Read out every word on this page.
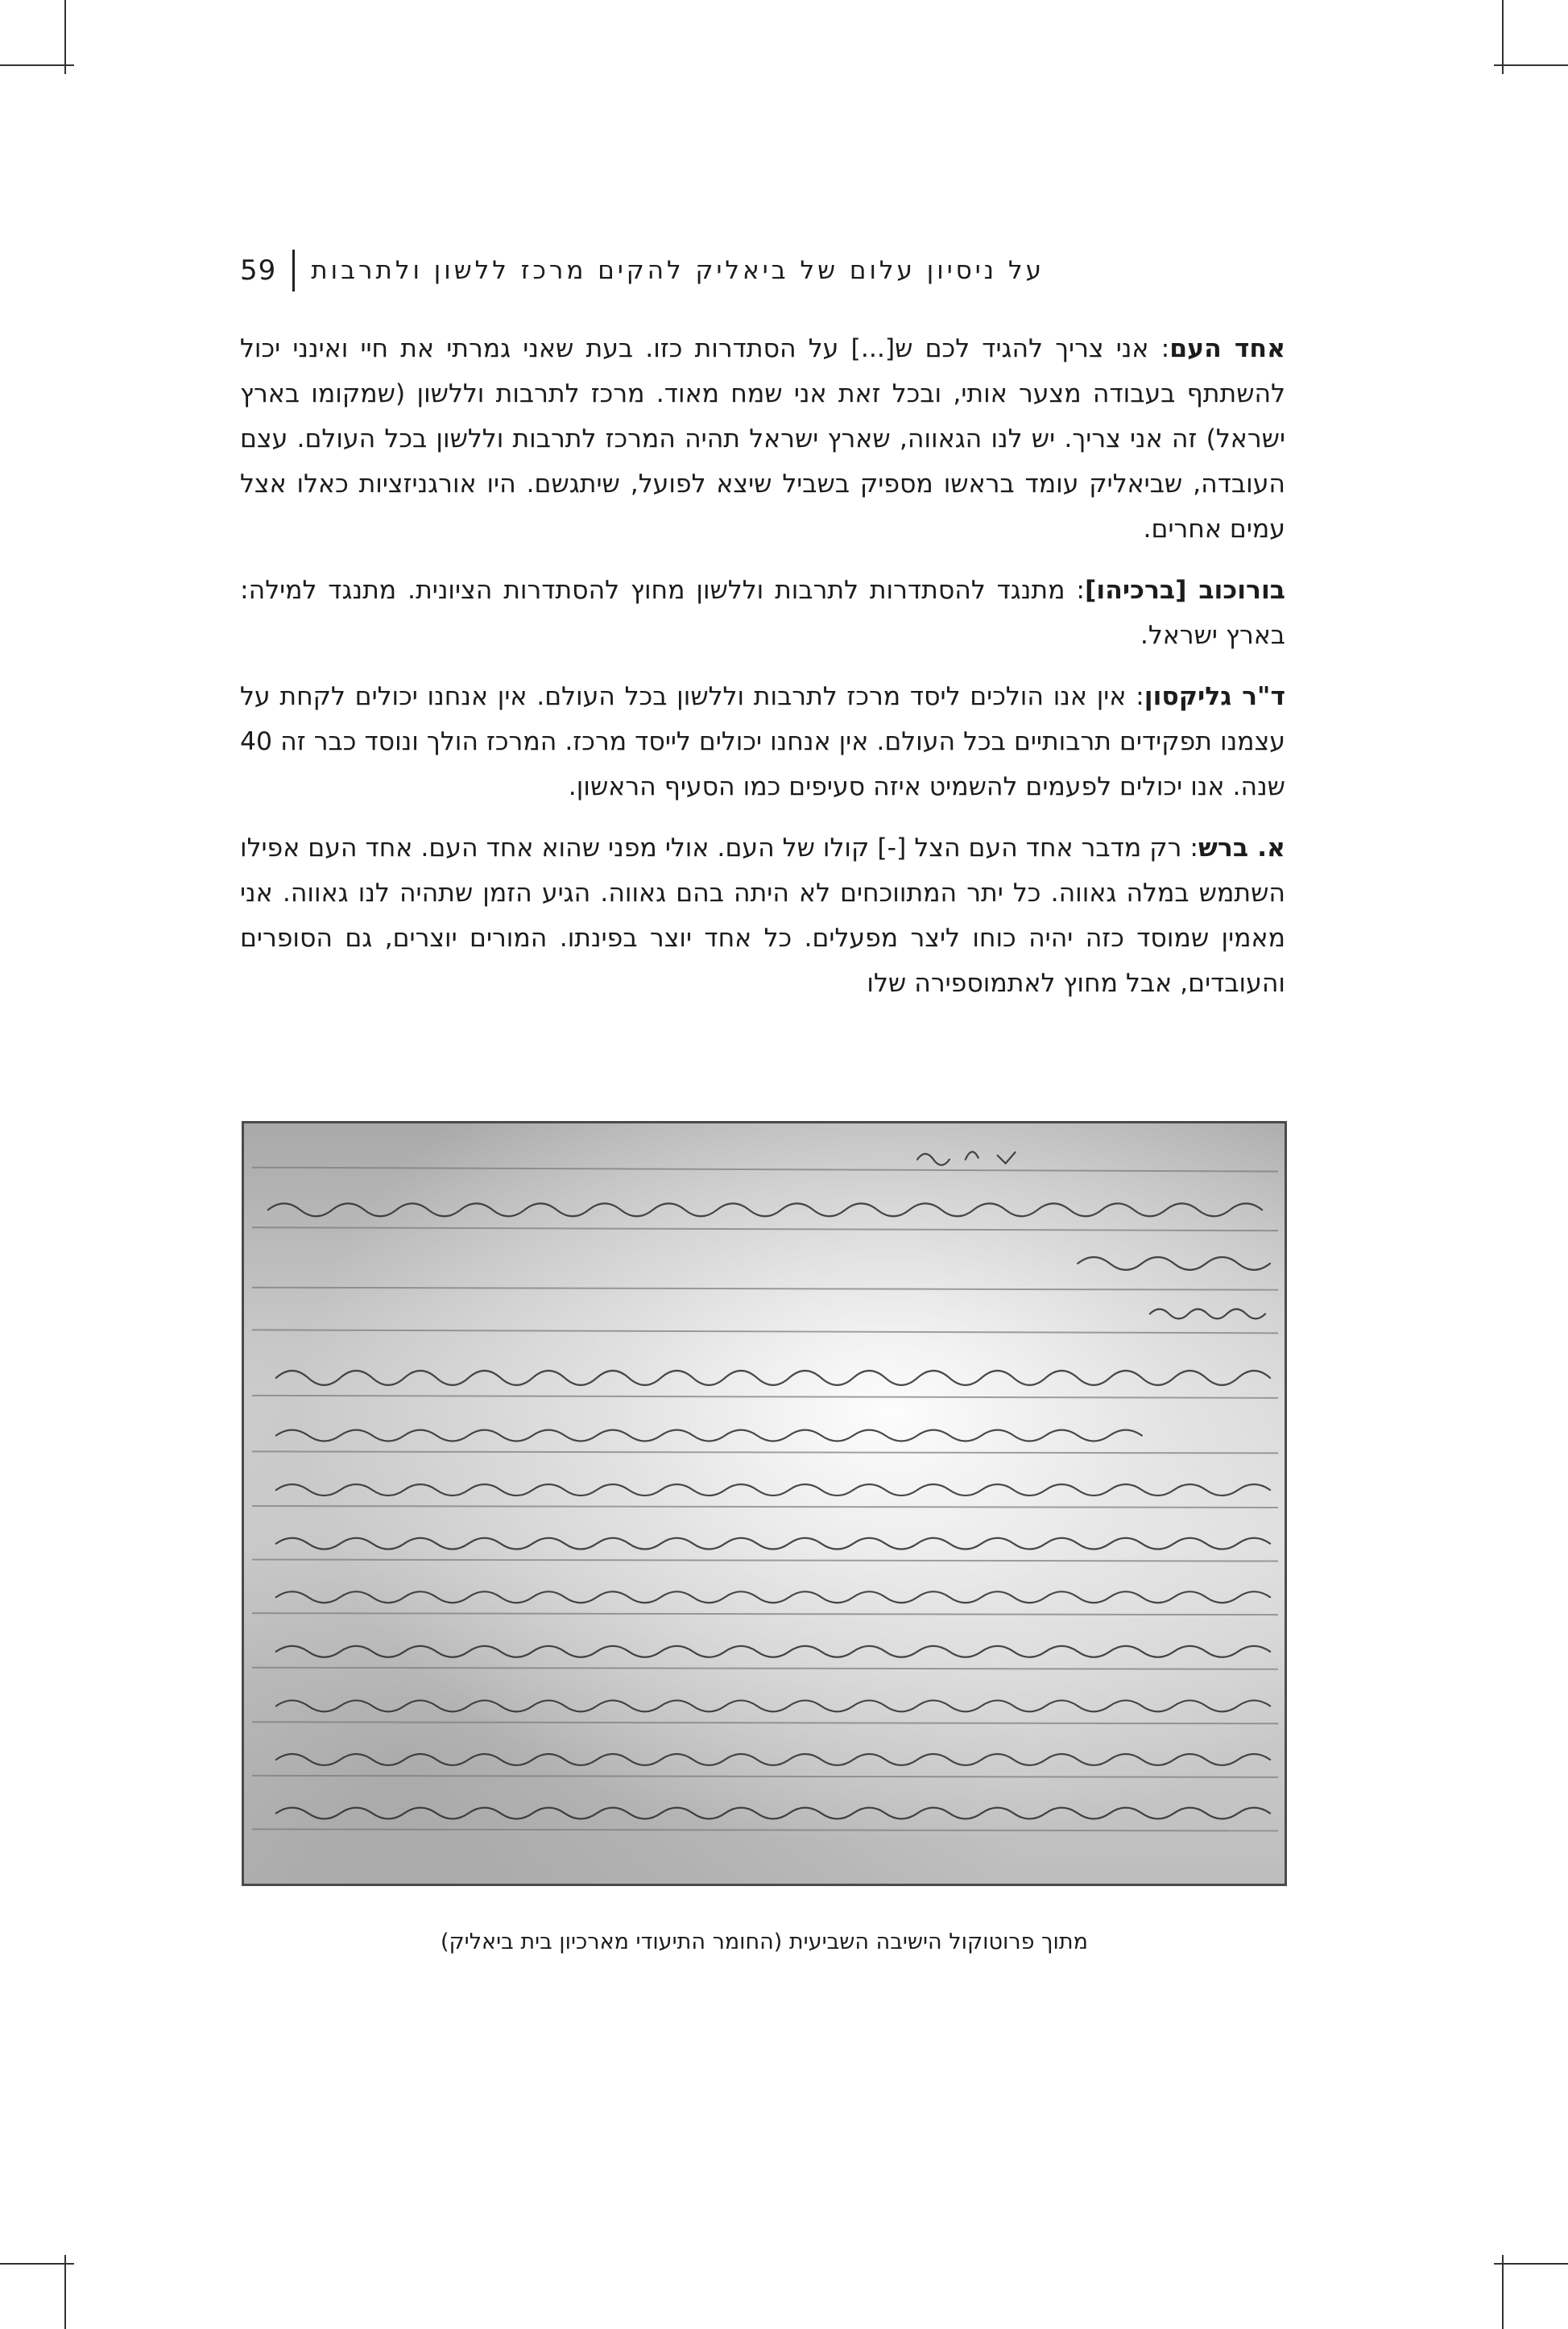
59 על ניסיון עלום של ביאליק להקים מרכז ללשון ולתרבות

אחד העם: אני צריך להגיד לכם ש[...] על הסתדרות כזו. בעת שאני גמרתי את חיי ואינני יכול להשתתף בעבודה מצער אותי, ובכל זאת אני שמח מאוד. מרכז לתרבות וללשון (שמקומו בארץ ישראל) זה אני צריך. יש לנו הגאווה, שארץ ישראל תהיה המרכז לתרבות וללשון בכל העולם. עצם העובדה, שביאליק עומד בראשו מספיק בשביל שיצא לפועל, שיתגשם. היו אורגניזציות כאלו אצל עמים אחרים.

בורוכוב [ברכיהו]: מתנגד להסתדרות לתרבות וללשון מחוץ להסתדרות הציונית. מתנגד למילה: בארץ ישראל.

ד"ר גליקסון: אין אנו הולכים ליסד מרכז לתרבות וללשון בכל העולם. אין אנחנו יכולים לקחת על עצמנו תפקידים תרבותיים בכל העולם. אין אנחנו יכולים לייסד מרכז. המרכז הולך ונוסד כבר זה 40 שנה. אנו יכולים לפעמים להשמיט איזה סעיפים כמו הסעיף הראשון.

א. ברש: רק מדבר אחד העם הצל [-] קולו של העם. אולי מפני שהוא אחד העם. אחד העם אפילו השתמש במלה גאווה. כל יתר המתווכחים לא היתה בהם גאווה. הגיע הזמן שתהיה לנו גאווה. אני מאמין שמוסד כזה יהיה כוחו ליצר מפעלים. כל אחד יוצר בפינתו. המורים יוצרים, גם הסופרים והעובדים, אבל מחוץ לאתמוספירה שלו

מתוך פרוטוקול הישיבה השביעית (החומר התיעודי מארכיון בית ביאליק)
